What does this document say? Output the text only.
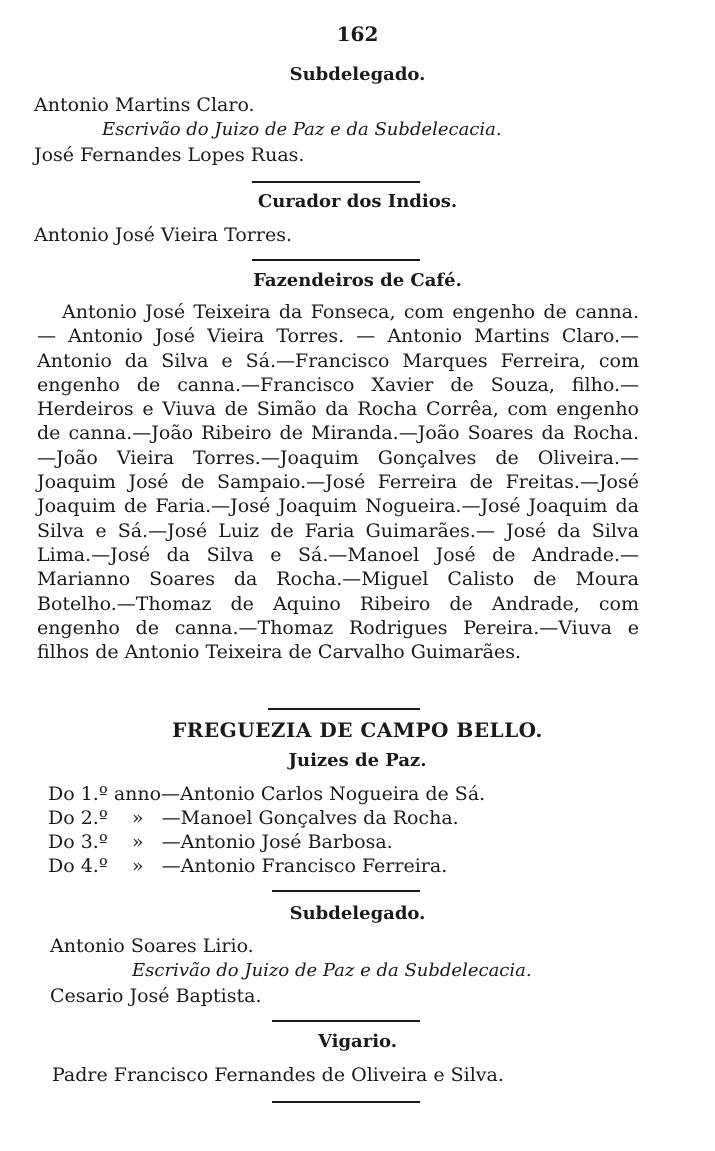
162
Subdelegado.
Antonio Martins Claro.
Escrivão do Juizo de Paz e da Subdelecacia.
José Fernandes Lopes Ruas.
Curador dos Indios.
Antonio José Vieira Torres.
Fazendeiros de Café.

Antonio José Teixeira da Fonseca, com engenho de canna. — Antonio José Vieira Torres. — Antonio Martins Claro.— Antonio da Silva e Sá.—Francisco Marques Ferreira, com engenho de canna.—Francisco Xavier de Souza, filho.—Herdeiros e Viuva de Simão da Rocha Corrêa, com engenho de canna.—João Ribeiro de Miranda.—João Soares da Rocha.—João Vieira Torres.—Joaquim Gonçalves de Oliveira.—Joaquim José de Sampaio.—José Ferreira de Freitas.—José Joaquim de Faria.—José Joaquim Nogueira.—José Joaquim da Silva e Sá.—José Luiz de Faria Guimarães.— José da Silva Lima.—José da Silva e Sá.—Manoel José de Andrade.—Marianno Soares da Rocha.—Miguel Calisto de Moura Botelho.—Thomaz de Aquino Ribeiro de Andrade, com engenho de canna.—Thomaz Rodrigues Pereira.—Viuva e filhos de Antonio Teixeira de Carvalho Guimarães.

FREGUEZIA DE CAMPO BELLO.
Juizes de Paz.
Do 1.º anno—Antonio Carlos Nogueira de Sá.
Do 2.º    »   —Manoel Gonçalves da Rocha.
Do 3.º    »   —Antonio José Barbosa.
Do 4.º    »   —Antonio Francisco Ferreira.
Subdelegado.
Antonio Soares Lirio.
Escrivão do Juizo de Paz e da Subdelecacia.
Cesario José Baptista.
Vigario.
Padre Francisco Fernandes de Oliveira e Silva.
